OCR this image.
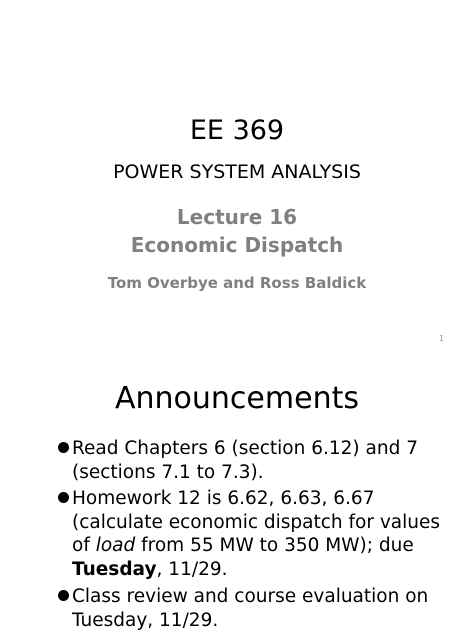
EE 369
POWER SYSTEM ANALYSIS
Lecture 16
Economic Dispatch
Tom Overbye and Ross Baldick
1
Announcements
Read Chapters 6 (section 6.12) and 7
(sections 7.1 to 7.3).
Homework 12 is 6.62, 6.63, 6.67
(calculate economic dispatch for values
of load from 55 MW to 350 MW); due
Tuesday, 11/29.
Class review and course evaluation on
Tuesday, 11/29.
